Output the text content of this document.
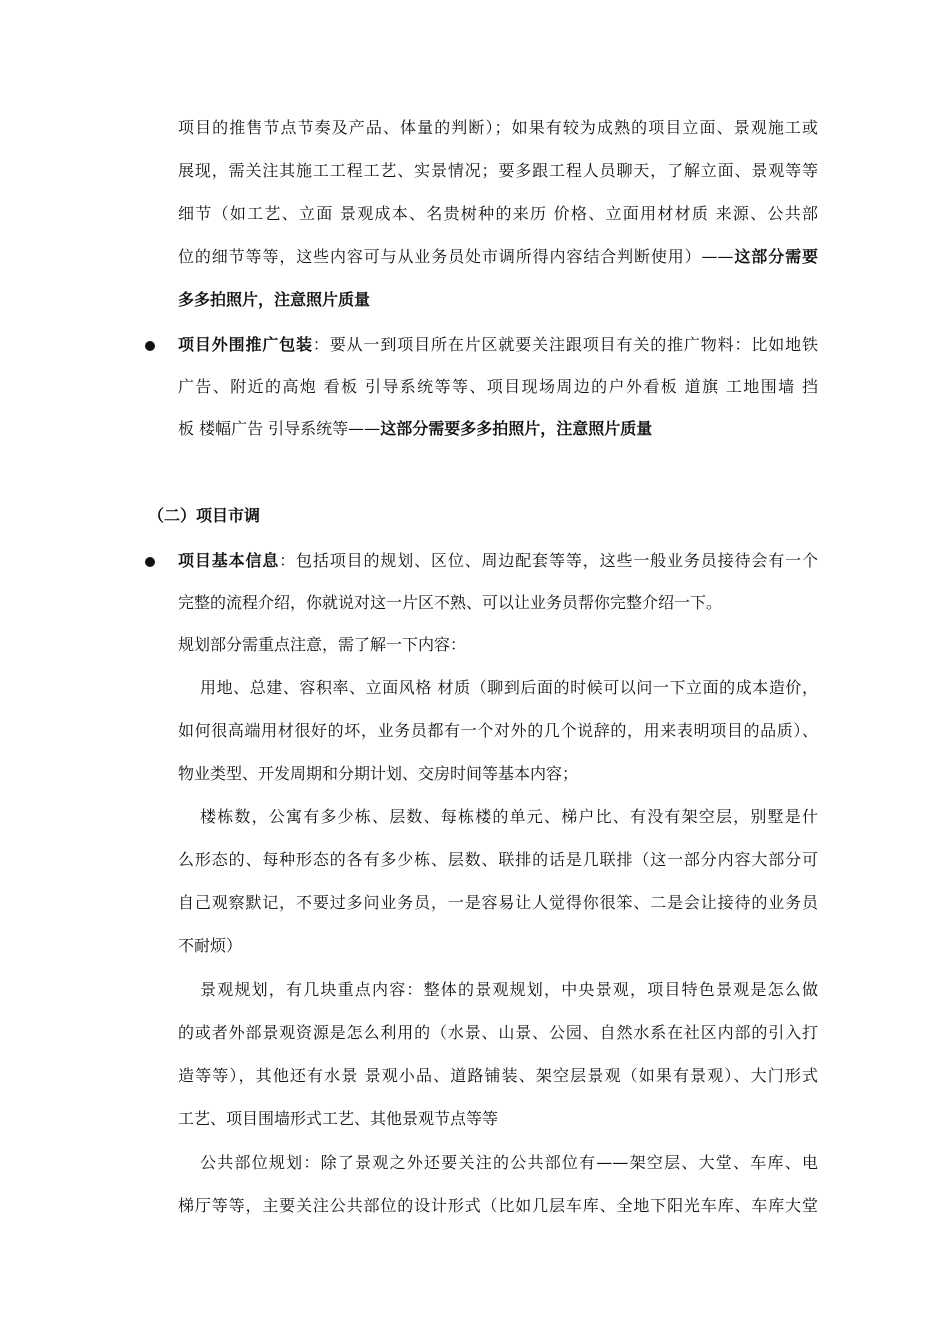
项目的推售节点节奏及产品、体量的判断）；如果有较为成熟的项目立面、景观施工或
展现，需关注其施工工程工艺、实景情况；要多跟工程人员聊天，了解立面、景观等等
细节（如工艺、立面 景观成本、名贵树种的来历 价格、立面用材材质 来源、公共部
位的细节等等，这些内容可与从业务员处市调所得内容结合判断使用）——这部分需要
多多拍照片，注意照片质量
项目外围推广包装：要从一到项目所在片区就要关注跟项目有关的推广物料：比如地铁
广告、附近的高炮 看板 引导系统等等、项目现场周边的户外看板 道旗 工地围墙 挡
板 楼幅广告 引导系统等——这部分需要多多拍照片，注意照片质量
（二）项目市调
项目基本信息：包括项目的规划、区位、周边配套等等，这些一般业务员接待会有一个
完整的流程介绍，你就说对这一片区不熟、可以让业务员帮你完整介绍一下。
规划部分需重点注意，需了解一下内容：
用地、总建、容积率、立面风格 材质（聊到后面的时候可以问一下立面的成本造价，
如何很高端用材很好的坏，业务员都有一个对外的几个说辞的，用来表明项目的品质）、
物业类型、开发周期和分期计划、交房时间等基本内容；
楼栋数，公寓有多少栋、层数、每栋楼的单元、梯户比、有没有架空层，别墅是什
么形态的、每种形态的各有多少栋、层数、联排的话是几联排（这一部分内容大部分可
自己观察默记，不要过多问业务员，一是容易让人觉得你很笨、二是会让接待的业务员
不耐烦）
景观规划，有几块重点内容：整体的景观规划，中央景观，项目特色景观是怎么做
的或者外部景观资源是怎么利用的（水景、山景、公园、自然水系在社区内部的引入打
造等等），其他还有水景 景观小品、道路铺装、架空层景观（如果有景观）、大门形式
工艺、项目围墙形式工艺、其他景观节点等等
公共部位规划：除了景观之外还要关注的公共部位有——架空层、大堂、车库、电
梯厅等等，主要关注公共部位的设计形式（比如几层车库、全地下阳光车库、车库大堂
